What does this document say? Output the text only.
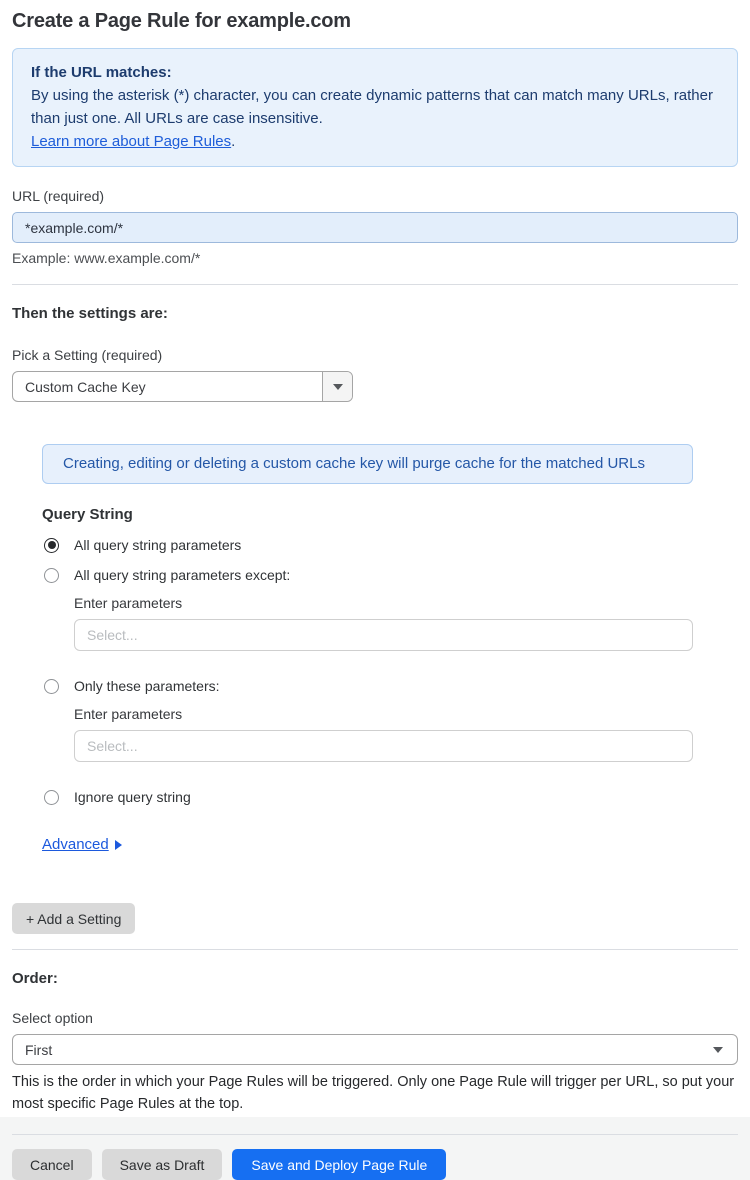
Create a Page Rule for example.com
If the URL matches:
By using the asterisk (*) character, you can create dynamic patterns that can match many URLs, rather than just one. All URLs are case insensitive.
Learn more about Page Rules.
URL (required)
*example.com/*
Example: www.example.com/*
Then the settings are:
Pick a Setting (required)
Custom Cache Key
Creating, editing or deleting a custom cache key will purge cache for the matched URLs
Query String
All query string parameters
All query string parameters except:
Enter parameters
Select...
Only these parameters:
Enter parameters
Select...
Ignore query string
Advanced
+ Add a Setting
Order:
Select option
First

This is the order in which your Page Rules will be triggered. Only one Page Rule will trigger per URL, so put your most specific Page Rules at the top.

Cancel	Save as Draft	Save and Deploy Page Rule
